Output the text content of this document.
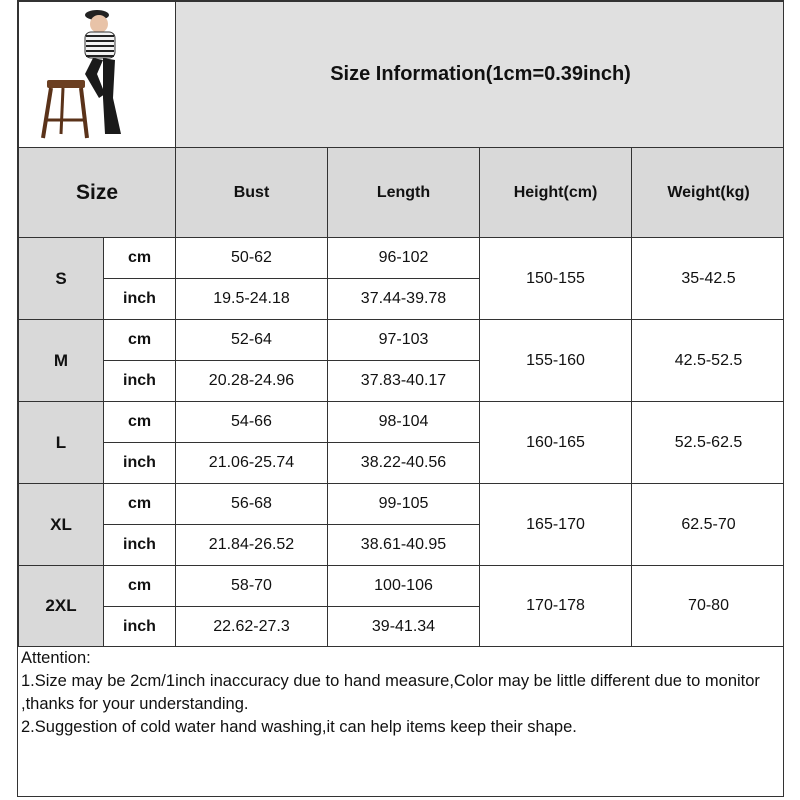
	Size Information(1cm=0.39inch)			
Size		Bust	Length	Height(cm)	Weight(kg)
S	cm	50-62	96-102	150-155	35-42.5
	inch	19.5-24.18	37.44-39.78		
M	cm	52-64	97-103	155-160	42.5-52.5
	inch	20.28-24.96	37.83-40.17		
L	cm	54-66	98-104	160-165	52.5-62.5
	inch	21.06-25.74	38.22-40.56		
XL	cm	56-68	99-105	165-170	62.5-70
	inch	21.84-26.52	38.61-40.95		
2XL	cm	58-70	100-106	170-178	70-80
	inch	22.62-27.3	39-41.34		

Attention:

1.Size may be 2cm/1inch inaccuracy due to hand measure,Color may be little different due to monitor ,thanks for your understanding.

2.Suggestion of cold water hand washing,it can help items keep their shape.
